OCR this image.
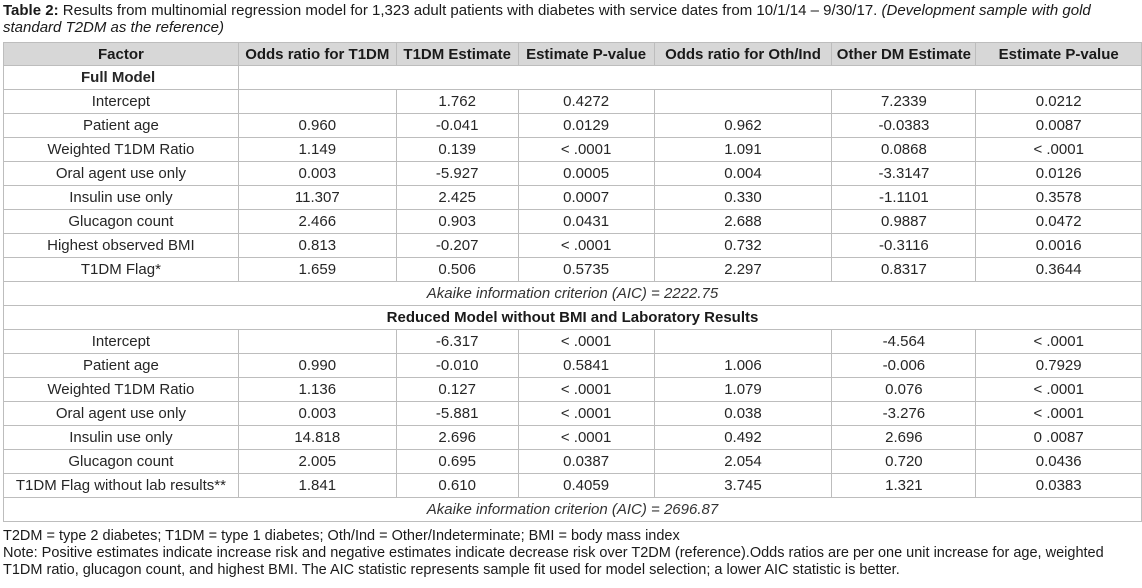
Table 2: Results from multinomial regression model for 1,323 adult patients with diabetes with service dates from 10/1/14 – 9/30/17. (Development sample with gold standard T2DM as the reference)
Factor	Odds ratio for T1DM	T1DM Estimate	Estimate P-value	Odds ratio for Oth/Ind	Other DM Estimate	Estimate P-value
Full Model						
Intercept		1.762	0.4272		7.2339	0.0212
Patient age	0.960	-0.041	0.0129	0.962	-0.0383	0.0087
Weighted T1DM Ratio	1.149	0.139	< .0001	1.091	0.0868	< .0001
Oral agent use only	0.003	-5.927	0.0005	0.004	-3.3147	0.0126
Insulin use only	11.307	2.425	0.0007	0.330	-1.1101	0.3578
Glucagon count	2.466	0.903	0.0431	2.688	0.9887	0.0472
Highest observed BMI	0.813	-0.207	< .0001	0.732	-0.3116	0.0016
T1DM Flag*	1.659	0.506	0.5735	2.297	0.8317	0.3644
Akaike information criterion (AIC) = 2222.75						
Reduced Model without BMI and Laboratory Results						
Intercept		-6.317	< .0001		-4.564	< .0001
Patient age	0.990	-0.010	0.5841	1.006	-0.006	0.7929
Weighted T1DM Ratio	1.136	0.127	< .0001	1.079	0.076	< .0001
Oral agent use only	0.003	-5.881	< .0001	0.038	-3.276	< .0001
Insulin use only	14.818	2.696	< .0001	0.492	2.696	0 .0087
Glucagon count	2.005	0.695	0.0387	2.054	0.720	0.0436
T1DM Flag without lab results**	1.841	0.610	0.4059	3.745	1.321	0.0383
Akaike information criterion (AIC) = 2696.87						

T2DM = type 2 diabetes; T1DM = type 1 diabetes; Oth/Ind = Other/Indeterminate; BMI = body mass index

Note: Positive estimates indicate increase risk and negative estimates indicate decrease risk over T2DM (reference).Odds ratios are per one unit increase for age, weighted T1DM ratio, glucagon count, and highest BMI. The AIC statistic represents sample fit used for model selection; a lower AIC statistic is better.
